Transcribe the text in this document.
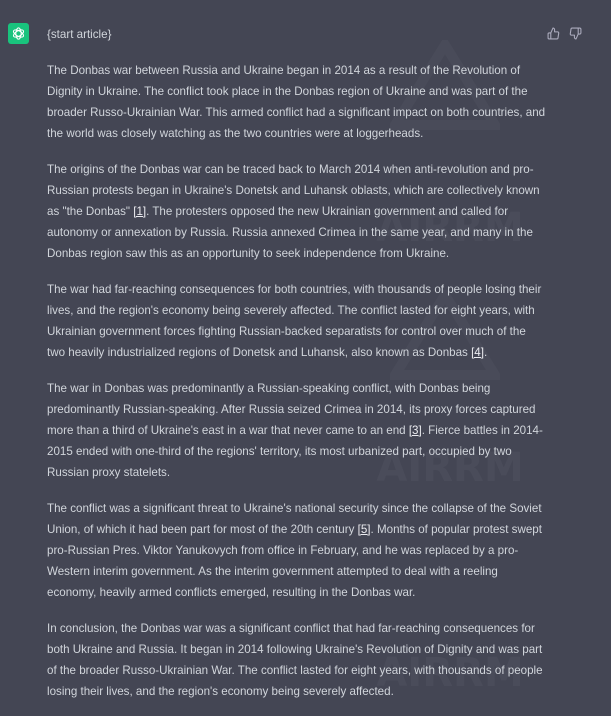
{start article}

The Donbas war between Russia and Ukraine began in 2014 as a result of the Revolution of Dignity in Ukraine. The conflict took place in the Donbas region of Ukraine and was part of the broader Russo-Ukrainian War. This armed conflict had a significant impact on both countries, and the world was closely watching as the two countries were at loggerheads.

The origins of the Donbas war can be traced back to March 2014 when anti-revolution and pro-Russian protests began in Ukraine's Donetsk and Luhansk oblasts, which are collectively known as "the Donbas" [1]. The protesters opposed the new Ukrainian government and called for autonomy or annexation by Russia. Russia annexed Crimea in the same year, and many in the Donbas region saw this as an opportunity to seek independence from Ukraine.

The war had far-reaching consequences for both countries, with thousands of people losing their lives, and the region's economy being severely affected. The conflict lasted for eight years, with Ukrainian government forces fighting Russian-backed separatists for control over much of the two heavily industrialized regions of Donetsk and Luhansk, also known as Donbas [4].

The war in Donbas was predominantly a Russian-speaking conflict, with Donbas being predominantly Russian-speaking. After Russia seized Crimea in 2014, its proxy forces captured more than a third of Ukraine's east in a war that never came to an end [3]. Fierce battles in 2014-2015 ended with one-third of the regions' territory, its most urbanized part, occupied by two Russian proxy statelets.

The conflict was a significant threat to Ukraine's national security since the collapse of the Soviet Union, of which it had been part for most of the 20th century [5]. Months of popular protest swept pro-Russian Pres. Viktor Yanukovych from office in February, and he was replaced by a pro-Western interim government. As the interim government attempted to deal with a reeling economy, heavily armed conflicts emerged, resulting in the Donbas war.

In conclusion, the Donbas war was a significant conflict that had far-reaching consequences for both Ukraine and Russia. It began in 2014 following Ukraine's Revolution of Dignity and was part of the broader Russo-Ukrainian War. The conflict lasted for eight years, with thousands of people losing their lives, and the region's economy being severely affected.
